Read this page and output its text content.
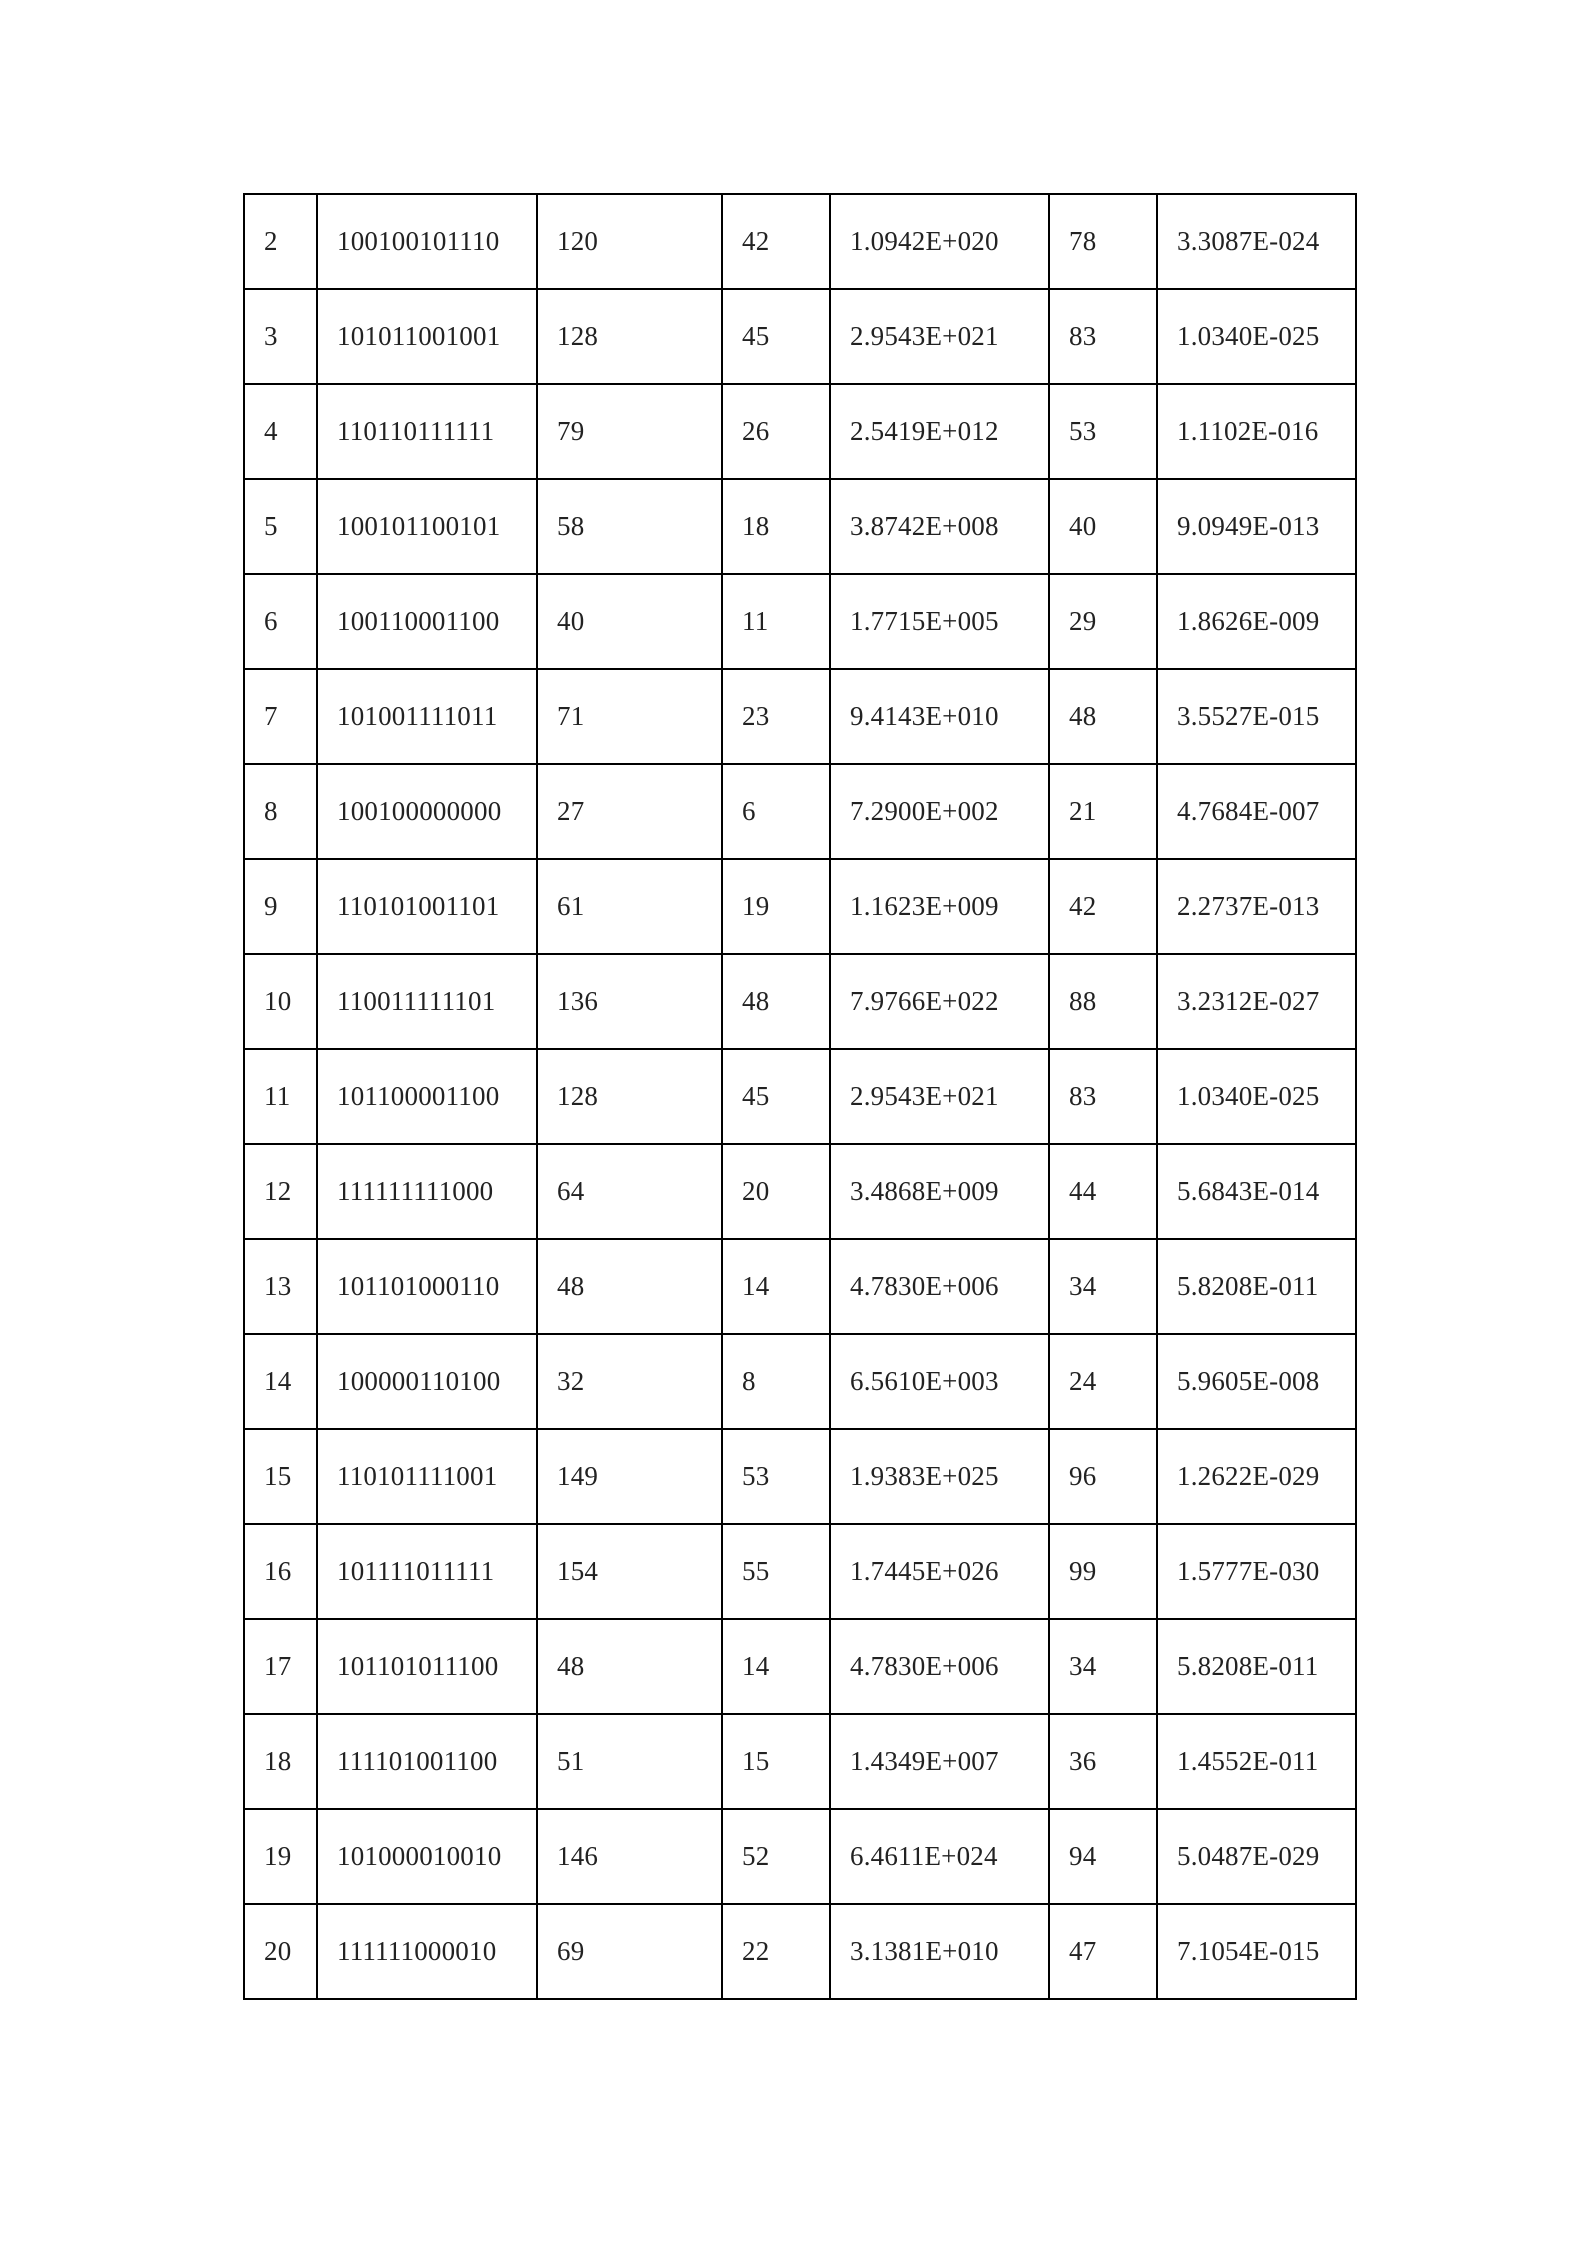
2	100100101110	120	42	1.0942E+020	78	3.3087E-024
3	101011001001	128	45	2.9543E+021	83	1.0340E-025
4	110110111111	79	26	2.5419E+012	53	1.1102E-016
5	100101100101	58	18	3.8742E+008	40	9.0949E-013
6	100110001100	40	11	1.7715E+005	29	1.8626E-009
7	101001111011	71	23	9.4143E+010	48	3.5527E-015
8	100100000000	27	6	7.2900E+002	21	4.7684E-007
9	110101001101	61	19	1.1623E+009	42	2.2737E-013
10	110011111101	136	48	7.9766E+022	88	3.2312E-027
11	101100001100	128	45	2.9543E+021	83	1.0340E-025
12	111111111000	64	20	3.4868E+009	44	5.6843E-014
13	101101000110	48	14	4.7830E+006	34	5.8208E-011
14	100000110100	32	8	6.5610E+003	24	5.9605E-008
15	110101111001	149	53	1.9383E+025	96	1.2622E-029
16	101111011111	154	55	1.7445E+026	99	1.5777E-030
17	101101011100	48	14	4.7830E+006	34	5.8208E-011
18	111101001100	51	15	1.4349E+007	36	1.4552E-011
19	101000010010	146	52	6.4611E+024	94	5.0487E-029
20	111111000010	69	22	3.1381E+010	47	7.1054E-015
